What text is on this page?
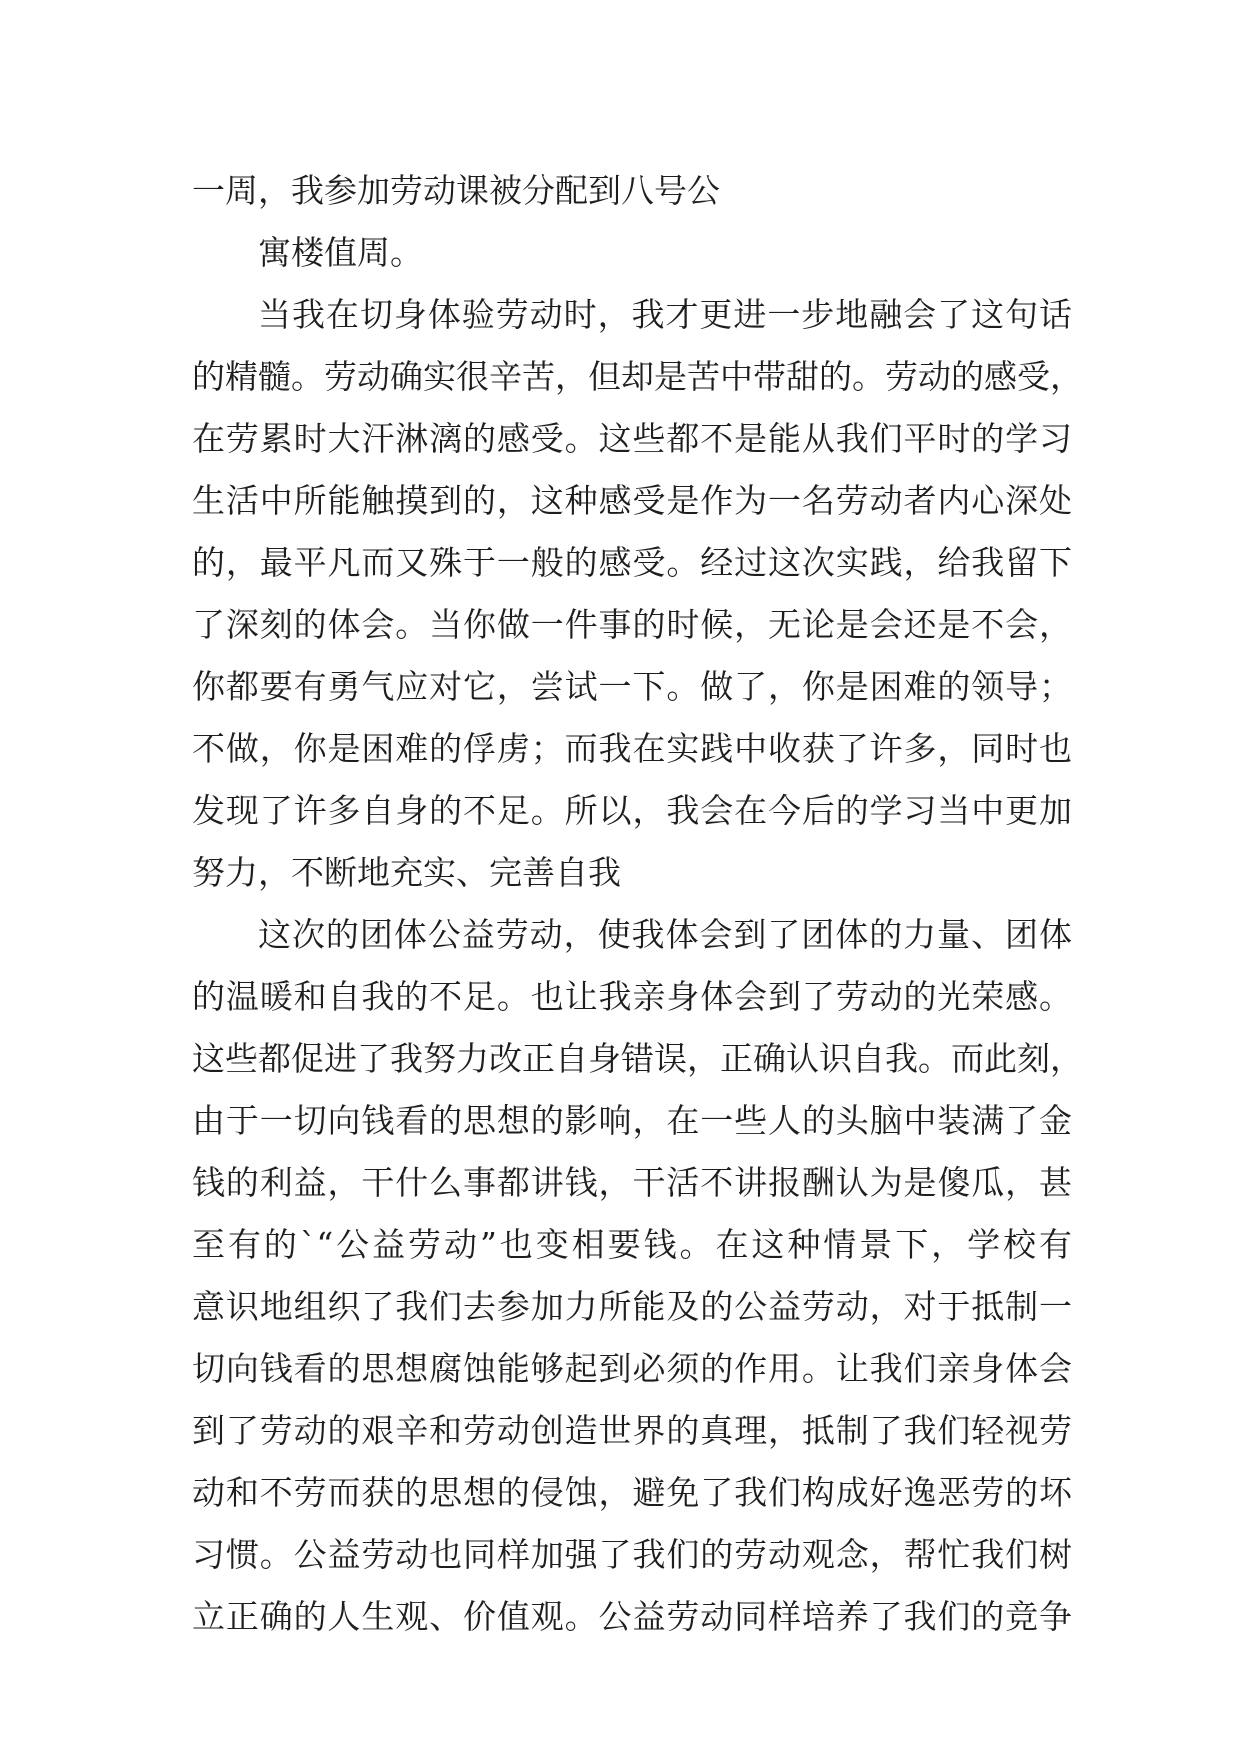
一周，我参加劳动课被分配到八号公
寓楼值周。
当我在切身体验劳动时，我才更进一步地融会了这句话
的精髓。劳动确实很辛苦，但却是苦中带甜的。劳动的感受，
在劳累时大汗淋漓的感受。这些都不是能从我们平时的学习
生活中所能触摸到的，这种感受是作为一名劳动者内心深处
的，最平凡而又殊于一般的感受。经过这次实践，给我留下
了深刻的体会。当你做一件事的时候，无论是会还是不会，
你都要有勇气应对它，尝试一下。做了，你是困难的领导；
不做，你是困难的俘虏；而我在实践中收获了许多，同时也
发现了许多自身的不足。所以，我会在今后的学习当中更加
努力，不断地充实、完善自我
这次的团体公益劳动，使我体会到了团体的力量、团体
的温暖和自我的不足。也让我亲身体会到了劳动的光荣感。
这些都促进了我努力改正自身错误，正确认识自我。而此刻，
由于一切向钱看的思想的影响，在一些人的头脑中装满了金
钱的利益，干什么事都讲钱，干活不讲报酬认为是傻瓜，甚
至有的`“公益劳动”也变相要钱。在这种情景下，学校有
意识地组织了我们去参加力所能及的公益劳动，对于抵制一
切向钱看的思想腐蚀能够起到必须的作用。让我们亲身体会
到了劳动的艰辛和劳动创造世界的真理，抵制了我们轻视劳
动和不劳而获的思想的侵蚀，避免了我们构成好逸恶劳的坏
习惯。公益劳动也同样加强了我们的劳动观念，帮忙我们树
立正确的人生观、价值观。公益劳动同样培养了我们的竞争
